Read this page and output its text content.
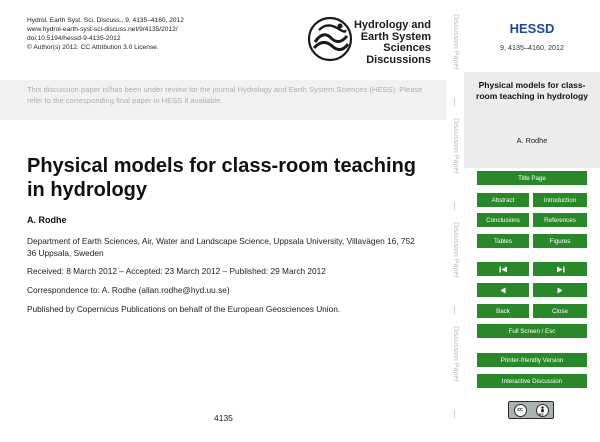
Hydrol. Earth Syst. Sci. Discuss., 9, 4135–4160, 2012
www.hydrol-earth-syst-sci-discuss.net/9/4135/2012/
doi:10.5194/hessd-9-4135-2012
© Author(s) 2012. CC Attribution 3.0 License.
Hydrology and
Earth System
Sciences
Discussions
This discussion paper is/has been under review for the journal Hydrology and Earth System Sciences (HESS). Please refer to the corresponding final paper in HESS if available.
Physical models for class-room teaching in hydrology
A. Rodhe
Department of Earth Sciences, Air, Water and Landscape Science, Uppsala University, Villavägen 16, 752 36 Uppsala, Sweden
Received: 8 March 2012 – Accepted: 23 March 2012 – Published: 29 March 2012
Correspondence to: A. Rodhe (allan.rodhe@hyd.uu.se)
Published by Copernicus Publications on behalf of the European Geosciences Union.
4135
Discussion Paper
Discussion Paper
Discussion Paper
Discussion Paper
HESSD
9, 4135–4160, 2012
Physical models for class-room teaching in hydrology
A. Rodhe
Title Page
Abstract	Introduction
Conclusions	References
Tables	Figures
Back	Close
Full Screen / Esc
Printer-friendly Version
Interactive Discussion
cc
BY
